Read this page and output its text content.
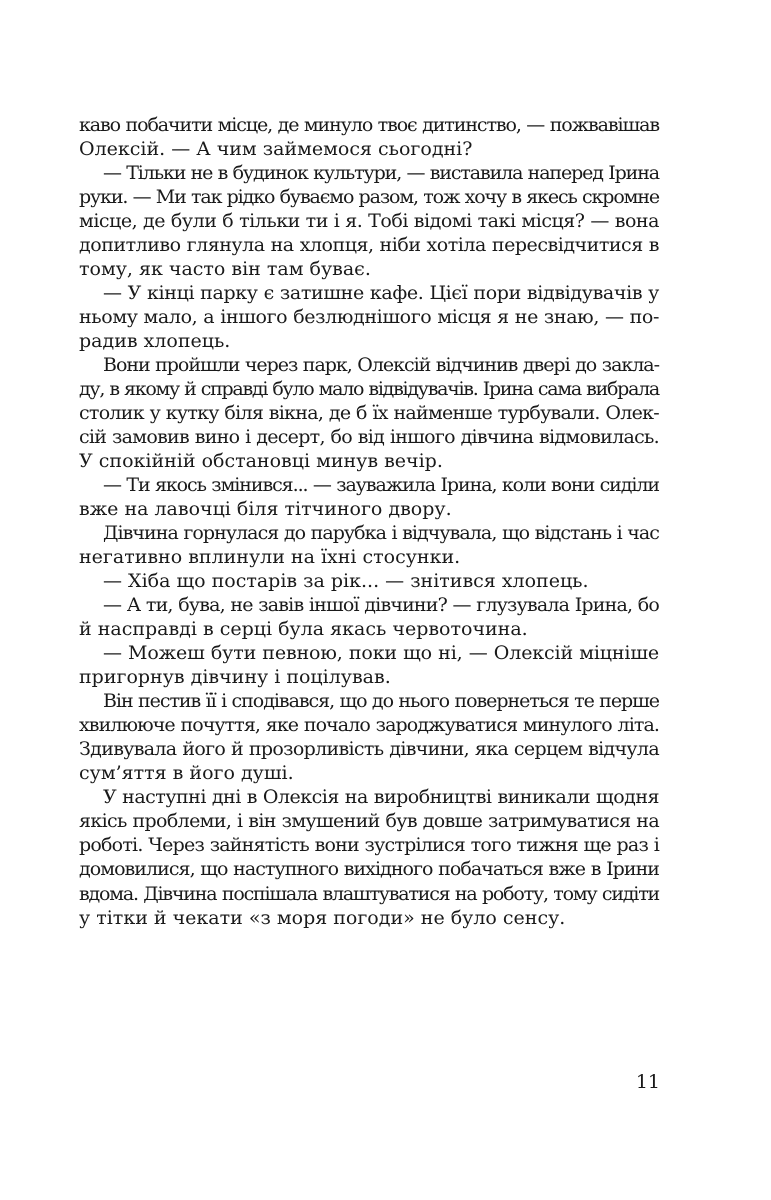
каво побачити місце, де минуло твоє дитинство, — пожвавішав
Олексій. — А чим займемося сьогодні?
— Тільки не в будинок культури, — виставила наперед Ірина
руки. — Ми так рідко буваємо разом, тож хочу в якесь скромне
місце, де були б тільки ти і я. Тобі відомі такі місця? — вона
допитливо глянула на хлопця, ніби хотіла пересвідчитися в
тому, як часто він там буває.
— У кінці парку є затишне кафе. Цієї пори відвідувачів у
ньому мало, а іншого безлюднішого місця я не знаю, — по-
радив хлопець.
Вони пройшли через парк, Олексій відчинив двері до закла-
ду, в якому й справді було мало відвідувачів. Ірина сама вибрала
столик у кутку біля вікна, де б їх найменше турбували. Олек-
сій замовив вино і десерт, бо від іншого дівчина відмовилась.
У спокійній обстановці минув вечір.
— Ти якось змінився... — зауважила Ірина, коли вони сиділи
вже на лавочці біля тітчиного двору.
Дівчина горнулася до парубка і відчувала, що відстань і час
негативно вплинули на їхні стосунки.
— Хіба що постарів за рік... — знітився хлопець.
— А ти, бува, не завів іншої дівчини? — глузувала Ірина, бо
й насправді в серці була якась червоточина.
— Можеш бути певною, поки що ні, — Олексій міцніше
пригорнув дівчину і поцілував.
Він пестив її і сподівався, що до нього повернеться те перше
хвилююче почуття, яке почало зароджуватися минулого літа.
Здивувала його й прозорливість дівчини, яка серцем відчула
сум’яття в його душі.
У наступні дні в Олексія на виробництві виникали щодня
якісь проблеми, і він змушений був довше затримуватися на
роботі. Через зайнятість вони зустрілися того тижня ще раз і
домовилися, що наступного вихідного побачаться вже в Ірини
вдома. Дівчина поспішала влаштуватися на роботу, тому сидіти
у тітки й чекати «з моря погоди» не було сенсу.
11
